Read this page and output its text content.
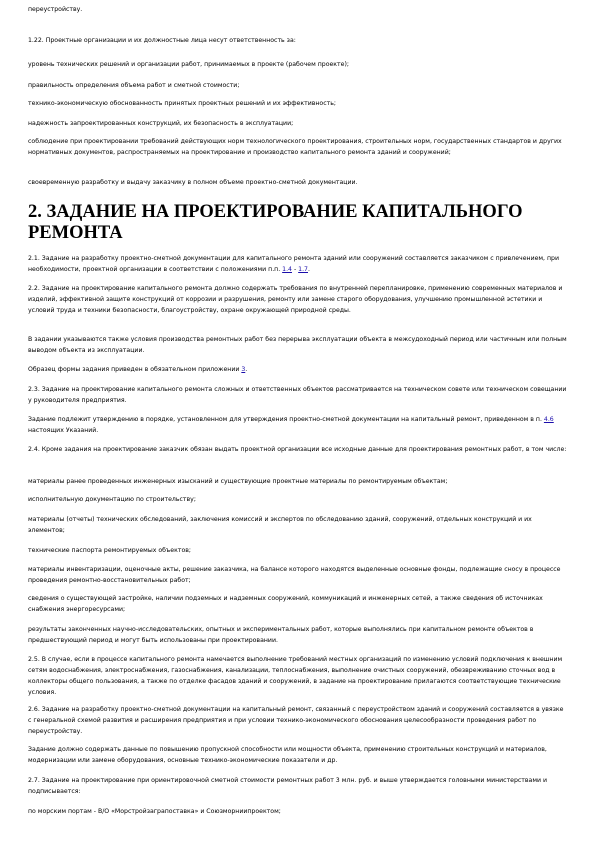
переустройству.
1.22. Проектные организации и их должностные лица несут ответственность за:
уровень технических решений и организации работ, принимаемых в проекте (рабочем проекте);
правильность определения объема работ и сметной стоимости;
технико-экономическую обоснованность принятых проектных решений и их эффективность;
надежность запроектированных конструкций, их безопасность в эксплуатации;
соблюдение при проектировании требований действующих норм технологического проектирования, строительных норм, государственных стандартов и других нормативных документов, распространяемых на проектирование и производство капитального ремонта зданий и сооружений;
своевременную разработку и выдачу заказчику в полном объеме проектно-сметной документации.
2. ЗАДАНИЕ НА ПРОЕКТИРОВАНИЕ КАПИТАЛЬНОГО РЕМОНТА
2.1. Задание на разработку проектно-сметной документации для капитального ремонта зданий или сооружений составляется заказчиком с привлечением, при необходимости, проектной организации в соответствии с положениями п.п. 1.4 - 1.7.
2.2. Задание на проектирование капитального ремонта должно содержать требования по внутренней перепланировке, применению современных материалов и изделий, эффективной защите конструкций от коррозии и разрушения, ремонту или замене старого оборудования, улучшению промышленной эстетики и условий труда и техники безопасности, благоустройству, охране окружающей природной среды.
В задании указываются также условия производства ремонтных работ без перерыва эксплуатации объекта в межсудоходный период или частичным или полным выводом объекта из эксплуатации.
Образец формы задания приведен в обязательном приложении 3.
2.3. Задание на проектирование капитального ремонта сложных и ответственных объектов рассматривается на техническом совете или техническом совещании у руководителя предприятия.
Задание подлежит утверждению в порядке, установленном для утверждения проектно-сметной документации на капитальный ремонт, приведенном в п. 4.6 настоящих Указаний.
2.4. Кроме задания на проектирование заказчик обязан выдать проектной организации все исходные данные для проектирования ремонтных работ, в том числе:
материалы ранее проведенных инженерных изысканий и существующие проектные материалы по ремонтируемым объектам;
исполнительную документацию по строительству;
материалы (отчеты) технических обследований, заключения комиссий и экспертов по обследованию зданий, сооружений, отдельных конструкций и их элементов;
технические паспорта ремонтируемых объектов;
материалы инвентаризации, оценочные акты, решение заказчика, на балансе которого находятся выделенные основные фонды, подлежащие сносу в процессе проведения ремонтно-восстановительных работ;
сведения о существующей застройке, наличии подземных и надземных сооружений, коммуникаций и инженерных сетей, а также сведения об источниках снабжения энергоресурсами;
результаты законченных научно-исследовательских, опытных и экспериментальных работ, которые выполнялись при капитальном ремонте объектов в предшествующий период и могут быть использованы при проектировании.
2.5. В случае, если в процессе капитального ремонта намечается выполнение требований местных организаций по изменению условий подключения к внешним сетям водоснабжения, электроснабжения, газоснабжения, канализации, теплоснабжения, выполнение очистных сооружений, обезвреживанию сточных вод в коллекторы общего пользования, а также по отделке фасадов зданий и сооружений, в задание на проектирование прилагаются соответствующие технические условия.
2.6. Задание на разработку проектно-сметной документации на капитальный ремонт, связанный с переустройством зданий и сооружений составляется в увязке с генеральной схемой развития и расширения предприятия и при условии технико-экономического обоснования целесообразности проведения работ по переустройству.
Задание должно содержать данные по повышению пропускной способности или мощности объекта, применению строительных конструкций и материалов, модернизации или замене оборудования, основные технико-экономические показатели и др.
2.7. Задание на проектирование при ориентировочной сметной стоимости ремонтных работ 3 млн. руб. и выше утверждается головными министерствами и подписывается:
по морским портам - В/О «Морстройзаграпоставка» и Союзморниипроектом;
